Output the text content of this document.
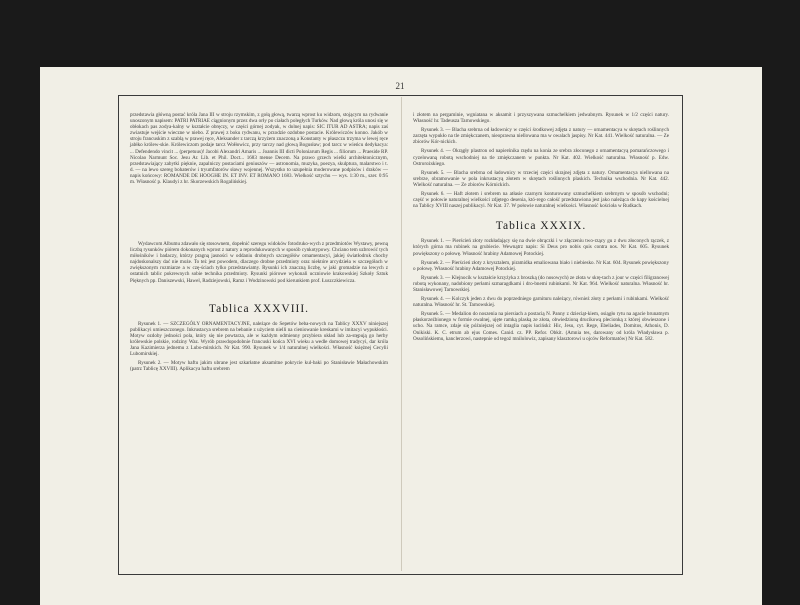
21

przedstawia główną postać króla Jana III w stroju rzymskim, z gołą głową, twarzą wprost ku widzom, stojącym na rydwanie unoszonym napisem: PATRI PATRIAE ciągnionym przez dwa orły po ciałach poległych Turków. Nad głową króla unosi się w obłokach pas zodya-kalny w kształcie obręczy, w części górnej zodyak, w dolnej napis: SIC ITUR AD ASTRA; napis zaś zwiastuje wejście wieczne w niebo. Z prawej z boku rydwanu, w przodzie ozdobne postacie. Królewiczów konno. Jakób w stroju francuskim z szablą w prawej ręce, Aleksander z tarczą krzyżem znaczoną a Konstanty w płaszczu trzyma w lewej ręce jabłko królew-skie. Królewiczom podaje tarcz Wołłowicz, przy tarczy nad głową Bogusław; pod tarcz w wieńcu dedykacya: ... Defendendo vincit ... (perpetuus)! Jacobi Alexandri Amaris ... Joannis III dicti Poloniarum Regis ... filiorum ... Praeside RP. Nicolao Narmunt Soc. Jesu Ar. Lib. et Phil. Doct... 1683 mense Decem. Na prawo grzech wielki architektonicznym, przedstawiający zabytki pięknie, zapalniczy postaciami geniuszów — astronomia, muzyka, poezya, skulptura, malarstwo i t. d. — na lewo szereg bohaterów i tryumfatorów sławy wojennej. Wszystko to uzupełnia moderowane podpisów i draków — napis końcowy: ROMANDE DE HOOGHE IN. ET INV. ET ROMANO 1683. Wielkość sztychu — wys. 1:30 m., szer. 0:95 m. Własność p. Klaudyi z hr. Skorzewskich Rogalińskiej.

Wydawcom Albumu zdawało się stosownem, dopełnić szeregu widoków fotodruko-wych z przedmiotów Wystawy, pewną liczbą rysunków piórem dokonanych wprost z natury a reprodukowanych w sposób cynkotypowy. Chciano tem uzbrowić tych miłośników i badaczy, którzy pragną jasności w oddaniu drobnych szczegółów ornamentacyi, jakiej światłodruk chocby najdoskonalszy dać nie może. To też jest powodem, dlaczego drobne przedmioty oraz niektóre arcydzieła w szczegółach w zwiększonym rozmiarze a w czę-ściach tylko przedstawiamy. Rysunki ich znaczną liczbę, w jaki gromadzie na lewych z ostatnich tablic pokrewnych sobie technika przedmioty. Rysunki piórowe wykonali uczniowie krakowskiej Szkoły Sztuk Pięknych pp. Daniszewski, Hawel, Radziejowski, Ramz i Wodzinowski pod kierunkiem prof. Łuszczkiewicza.

Tablica XXXVIII.

Rysunek 1. — SZCZEGÓŁY ORNAMENTACYJNE, należące do Sepetów beba-nowych na Tablicy XXXV niniejszej publikacyi umieszczonego. Inkrustacya srebrem na bebanie z użyciem nielli na cieniowanie kreskami w imitacyi wypukłości. Motyw ozdoby jedności pola, który się nie powtarza, ale w każdym odmienny przybiera układ lub za-stępują go herby królewskie polskie, rodziny Waz. Wyrób prawdopodobnie francuski końca XVI wieku a wedle domowej tradycyi, dar króla Jana Kazimierza jednemu z Lubo-mirskich. Nr Kat. 990. Rysunek w 1/4 naturalnej wielkości. Własność księżnej Cecylii Lubomirskiej.

Rysunek 2. — Motyw haftu jakim ubrane jest szkarłatne aksamitne pokrycie kul-baki po Stanisławie Małachowskim (patrz Tablicę XXVIII). Aplikacya haftu srebrem

i złotem na pergaminie, wgniatana w aksamit i przyszywana szmuchelkiem jedwabnym. Rysunek w 1/2 części natury. Własność hr. Tadeusza Tarnowskiego.

Rysunek 3. — Blacha srebrna od ładownicy w części środkowej zdjęta z natury — ornamentacya w skrętach roślinnych zarzęta wypukło na tle zmiękczanem, nieoprawna niellowana ma w owalach jaspisy. Nr Kat. 441. Wielkość naturalna. — Ze zbiorów Kór-nickich.

Rysunek 4. — Okrągły plastron od napierśnika rzędu na konia ze srebra złoconego z ornamentacyą pomarańczowego i cyzelowaną robotą wschodniej na tle zmiękczanem w punkta. Nr Kat. 402. Wielkość naturalna. Własność p. Edw. Ostrorożskiego.

Rysunek 5. — Blacha srebrna od ładownicy w trzeciej części skrajnej zdjęta z natury. Ornamentacya niellowana na srebrze, obramowanie w pola inkrustacyą złotem w skrętach roślinnych plaskich. Technika wschodnia. Nr Kat. 442. Wielkość naturalna. — Ze zbiorów Kórnickich.

Rysunek 6. — Haft złotem i srebrem na atłasie czarnym konturowany szmuchelkiem srebrnym w sposób wschodni; część w połowie naturalnej wielkości zdjętego desenia, któ-rego całość przedstawiona jest jako należąca do kapy kościelnej na Tablicy XVIII naszej publikacyi. Nr Kat. 37. W połowie naturalnej wielkości. Własność kościoła w Rudkach.

Tablica XXXIX.

Rysunek 1. — Pierścień złoty rozkładający się na dwie obrączki i w złączeniu two-rzący gu z dwu złoconych rączek, z których górna ma rubinek na grubiecie. Wewnątrz napis: Si Deus pro nobis quis contra nos. Nr Kat. 605. Rysunek powiększony o połowę. Własność hrabiny Adamowej Potockiej.

Rysunek 2. — Pierścień złoty z krysztalem, piramidka emaliowana biało i niebiesko. Nr Kat. 604. Rysunek powiększony o połowę. Własność hrabiny Adamowej Potockiej.

Rysunek 3. — Klejnocik w kształcie krzyżyka z broszką (do nosowych) ze złota w skrę-tach z jour w części filigranowej robotą wykonany, nadobiony perłami szmaragdkami i dro-bnemi rubinkami. Nr Kat. 964. Wielkość naturalna. Własność hr. Stanisławowej Tarnowskiej.

Rysunek 4. — Kolczyk jeden z dwu do poprzedniego garnituru należący, również złoty z perłami i rubinkami. Wielkość naturalna. Własność hr. St. Tarnowskiej.

Rysunek 5. — Medalion do noszenia na piersiach a postacią N. Panny z dzieciąt-kiem, osiągło rytu na agacie brunatnym płaskorzeźbionego w formie owalnej, ujęte ramką plaską ze złota, obwiedzioną drucikową plecionką z której obwieszone i ucho. Na ramce, zdaje się późniejszej od intaglia napis łaciński: Hic, Jesu, cyt. Rege, Ebeliades, Domitos, Athonis, D. Onikiski. K. C. etrum ab ejus Comes. Canid. cz. PP. Refor. Obkit. (Amnia tes, darowany od króla Władysława p. Ossolińskiemu, kanclerzowi, nastepnie od tegoż mnilolowiz, zapisany klasztorowi u ojców Reformatów) Nr Kat. 582.
